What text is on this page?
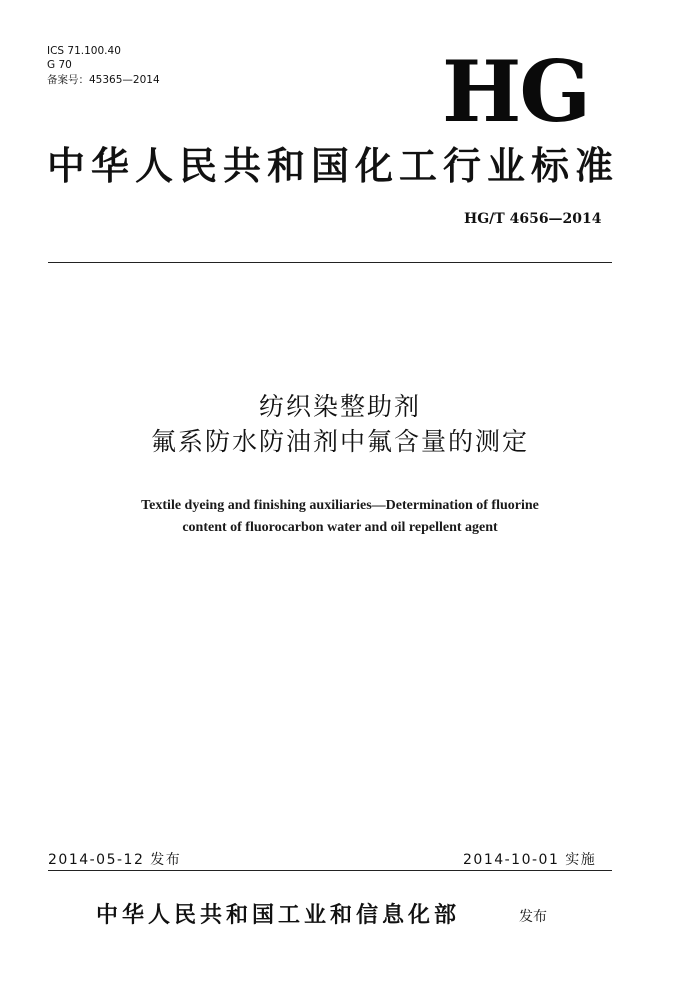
ICS 71.100.40
G 70
备案号：45365—2014	HG
中华人民共和国化工行业标准
HG/T 4656—2014
纺织染整助剂
氟系防水防油剂中氟含量的测定
Textile dyeing and finishing auxiliaries—Determination of fluorine
content of fluorocarbon water and oil repellent agent
2014-05-12 发布	2014-10-01 实施
中华人民共和国工业和信息化部	发布
